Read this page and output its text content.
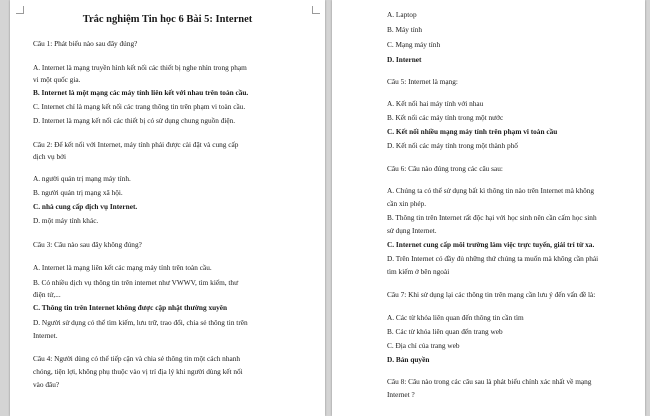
Trắc nghiệm Tin học 6 Bài 5: Internet

Câu 1: Phát biểu nào sau đây đúng?

A. Internet là mạng truyền hình kết nối các thiết bị nghe nhìn trong phạm

vi một quốc gia.

B. Internet là một mạng các máy tính liên kết với nhau trên toàn cầu.

C. Internet chỉ là mạng kết nối các trang thông tin trên phạm vi toàn cầu.

D. Internet là mạng kết nối các thiết bị có sử dụng chung nguồn điện.

Câu 2: Để kết nối với Internet, máy tính phải được cài đặt và cung cấp

dịch vụ bởi

A. người quản trị mạng máy tính.

B. người quản trị mạng xã hội.

C. nhà cung cấp dịch vụ Internet.

D. một máy tính khác.

Câu 3: Câu nào sau đây không đúng?

A. Internet là mạng liên kết các mạng máy tính trên toàn cầu.

B. Có nhiều dịch vụ thông tin trên internet như VWWV, tìm kiếm, thư

điện tử,...

C. Thông tin trên Internet không được cập nhật thường xuyên

D. Người sử dụng có thể tìm kiếm, lưu trữ, trao đổi, chia sẻ thông tin trên

Internet.

Câu 4: Người dùng có thể tiếp cận và chia sẻ thông tin một cách nhanh

chóng, tiện lợi, không phụ thuộc vào vị trí địa lý khi người dùng kết nối

vào đâu?

A. Laptop

B. Máy tính

C. Mạng máy tính

D. Internet

Câu 5: Internet là mạng:

A. Kết nối hai máy tính với nhau

B. Kết nối các máy tính trong một nước

C. Kết nối nhiều mạng máy tính trên phạm vi toàn cầu

D. Kết nối các máy tính trong một thành phố

Câu 6: Câu nào đúng trong các câu sau:

A. Chúng ta có thể sử dụng bất kì thông tin nào trên Internet mà không

cần xin phép.

B. Thông tin trên Internet rất độc hại với học sinh nên cần cấm học sinh

sử dụng Internet.

C. Internet cung cấp môi trường làm việc trực tuyến, giải trí từ xa.

D. Trên Internet có đầy đủ những thứ chúng ta muốn mà không cần phải

tìm kiếm ở bên ngoài

Câu 7: Khi sử dụng lại các thông tin trên mạng cần lưu ý đến vấn đề là:

A. Các từ khóa liên quan đến thông tin cần tìm

B. Các từ khóa liên quan đến trang web

C. Địa chỉ của trang web

D. Bản quyền

Câu 8: Câu nào trong các câu sau là phát biểu chính xác nhất về mạng

Internet ?
